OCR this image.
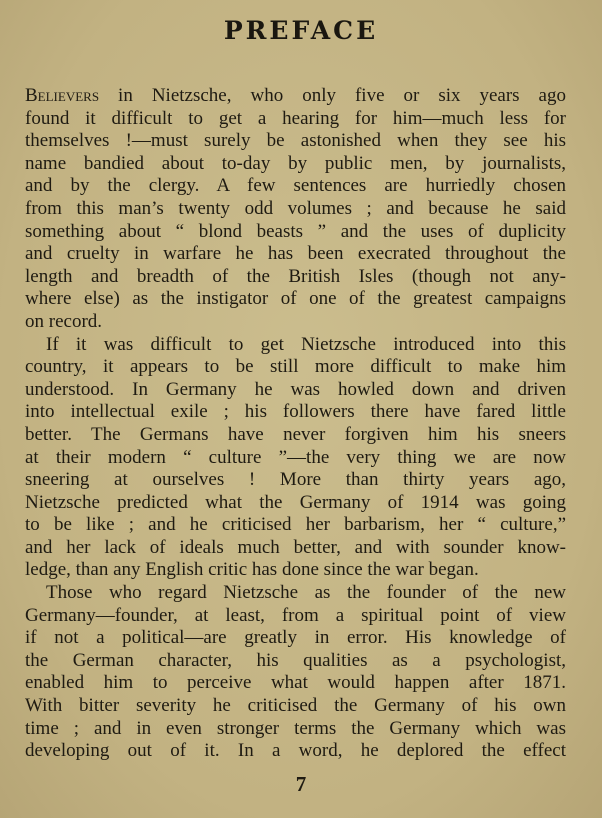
PREFACE
Believers in Nietzsche, who only five or six years ago
found it difficult to get a hearing for him—much less for
themselves !—must surely be astonished when they see his
name bandied about to-day by public men, by journalists,
and by the clergy. A few sentences are hurriedly chosen
from this man’s twenty odd volumes ; and because he said
something about “ blond beasts ” and the uses of duplicity
and cruelty in warfare he has been execrated throughout the
length and breadth of the British Isles (though not any-
where else) as the instigator of one of the greatest campaigns
on record.
If it was difficult to get Nietzsche introduced into this
country, it appears to be still more difficult to make him
understood. In Germany he was howled down and driven
into intellectual exile ; his followers there have fared little
better. The Germans have never forgiven him his sneers
at their modern “ culture ”—the very thing we are now
sneering at ourselves ! More than thirty years ago,
Nietzsche predicted what the Germany of 1914 was going
to be like ; and he criticised her barbarism, her “ culture,”
and her lack of ideals much better, and with sounder know-
ledge, than any English critic has done since the war began.
Those who regard Nietzsche as the founder of the new
Germany—founder, at least, from a spiritual point of view
if not a political—are greatly in error. His knowledge of
the German character, his qualities as a psychologist,
enabled him to perceive what would happen after 1871.
With bitter severity he criticised the Germany of his own
time ; and in even stronger terms the Germany which was
developing out of it. In a word, he deplored the effect
7
